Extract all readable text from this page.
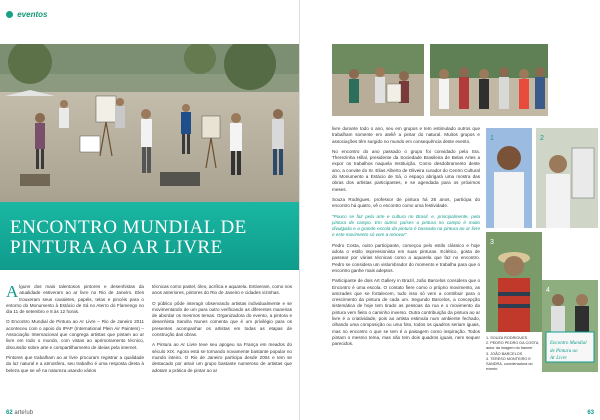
eventos
ENCONTRO MUNDIAL DE
PINTURA AO AR LIVRE

Alguns dos mais talentosos pintores e desenhistas da atualidade estiveram ao ar livre no Rio de Janeiro. Eles trouxeram seus cavaletes, papéis, telas e pincéis para o entorno do Monumento à Estácio de Sá no Aterro do Flamengo no dia 11 de setembro e 8 às 12 horas.

O Encontro Mundial de Pintura ao Ar Livre – Rio de Janeiro 2011 aconteceu com o apoio do IPAP (International Plein Air Painters) – Associação Internacional que congrega artistas que pintam ao ar livre em todo o mundo, com vistas ao aprimoramento técnico, discussão sobre arte e compartilhamento de ideias pela internet.

Pintores que trabalham ao ar livre procuram registrar a qualidade da luz natural e a atmosfera, seu trabalho é uma resposta direta à beleza que se vê na natureza usando vários

técnicas como pastel, óleo, acrílica e aquarela. Estiveram, como nos anos anteriores, pintores do Rio de Janeiro e cidades vizinhas.

O público pôde interagir observando artistas individualmente e se movimentando de um para outro verificando as diferentes maneiras de abordar os mesmos temas. Organizadora do evento, a pintora e desenhista Sandra Nunes comenta que é um privilégio para os presentes acompanhar os artistas em todas as etapas de construção das obras.

A Pintura ao Ar Livre teve seu apogeu na França em meados do século XIX. Agora está se tornando novamente bastante popular no mundo inteiro. O Rio de Janeiro participa desde 2004 e tem se destacado por atrair um grupo bastante numeroso de artistas que adotam a prática de pintar ao ar

62 arte!ub

livre durante todo o ano, seu em grupos e tem estimulado outros que trabalham somente em ateliê a pintar do natural. Muitos grupos e associações têm surgido no mundo em consequência deste evento.

No encontro do ano passado o grupo foi convidado pela Sra. Therezinha Hillal, presidente da Sociedade Brasileira de Belas Artes a expor os trabalhos naquela Instituição. Como desdobramento deste ano, a convite do Sr. Elias Alberto de Oliveira curador do Centro Cultural do Monumento a Estácio de Sá, o espaço abrigará uma mostra das obras dos artistas participantes, e se agendada para os próximos meses.

Souza Rodrigues, professor de pintura há 28 anos, participa do encontro há quatro, vê o encontro como uma festividade.

"Pouco se faz pela arte e cultura no Brasil, e, principalmente, pela pintura de campo. Em outros países a pintura no campo é muito divulgada e a grande escola da pintura é baseada na pintura ao ar livre e este movimento só vem a renovar".

Pedro Costa, outro participante, começou pelo estilo clássico e hoje adota o estilo impressionista em suas pinturas. Eclético, gosta de passear por várias técnicas como a aquarela que faz no encontro. Pedro se considera um vislumbrador do momento e trabalha para que o encontro ganhe mais adeptos.

Participante de dois Art Gallery in Brazil, João Barcelos considera que o Encontro é uma escola. O contato fiere como o próprio movimento, as amizades que se fortalecem, tudo isso só vem a contribuir para o crescimento da pintura de cada um. Segundo Barcelos, a concepção sistemática de hoje tem tirado as pessoas da rua e o movimento da pintura vem fieito o caminho inverso. Outra contribuição da pintura ao ar livre é a criatividade, pois ao artista estimula num ambiente fechado, olhando uma composição ou uma foto, todos os quadros seriam iguais, mas no encontro o que se tem é a paisagem como inspiração. Todos pintam o mesmo tema, mas não tem dois quadros iguais, nem sequer parecidos.

1	2
3
Encontro Mundial
de Pintura ao
Ar Livre
4
1. SOUZA RODRIGUES
2. PEDRO PEDRO DA COSTA, autor da imagem do banner
3. JOÃO BARCELOS
4. TERESO MONTEIRO E SANDRA, coordenadora do evento
63
